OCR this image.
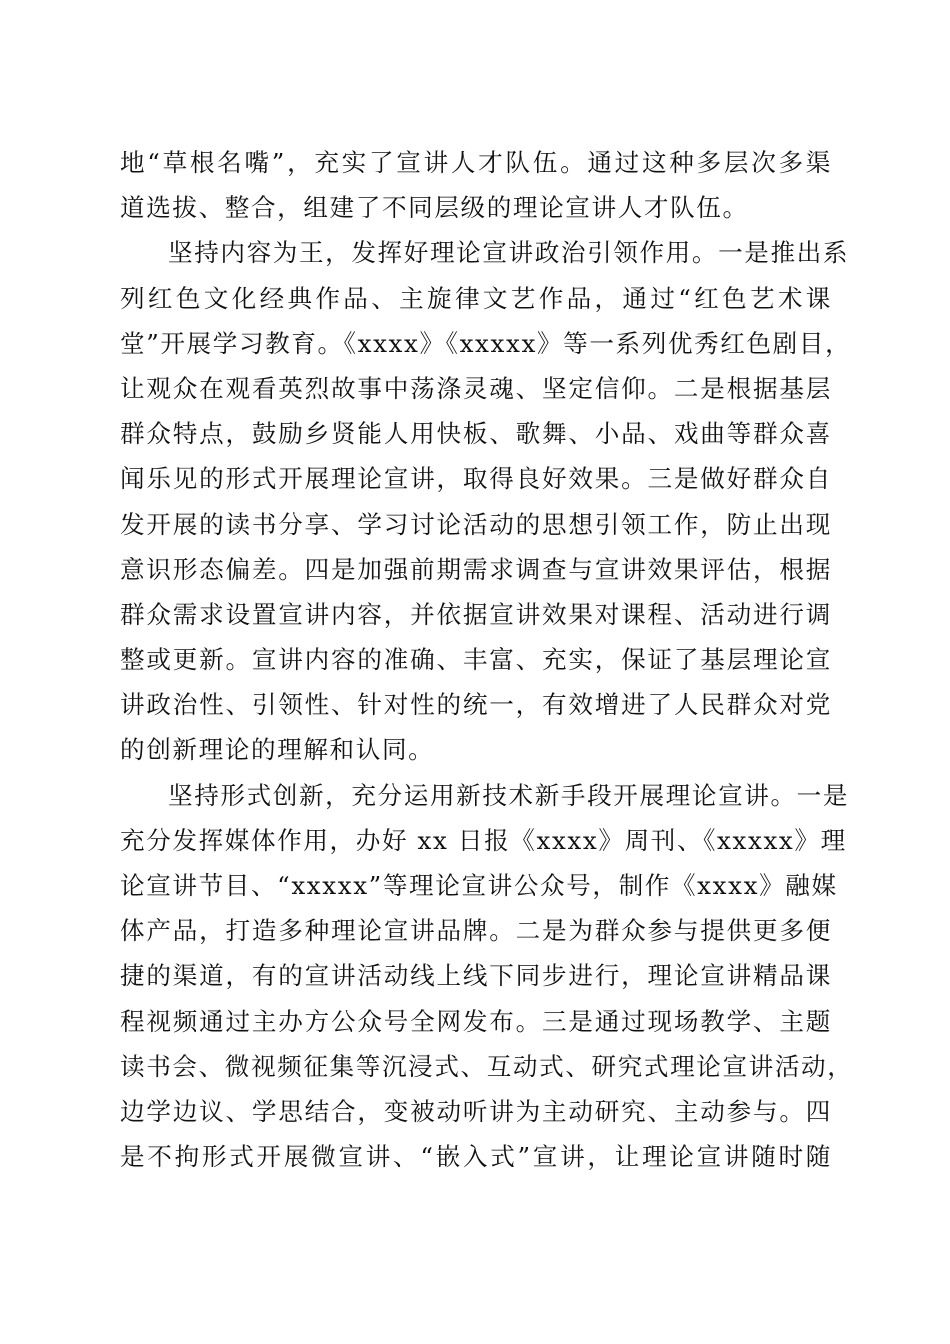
地“草根名嘴”，充实了宣讲人才队伍。通过这种多层次多渠
道选拔、整合，组建了不同层级的理论宣讲人才队伍。
坚持内容为王，发挥好理论宣讲政治引领作用。一是推出系
列红色文化经典作品、主旋律文艺作品，通过“红色艺术课
堂”开展学习教育。《xxxx》《xxxxx》等一系列优秀红色剧目，
让观众在观看英烈故事中荡涤灵魂、坚定信仰。二是根据基层
群众特点，鼓励乡贤能人用快板、歌舞、小品、戏曲等群众喜
闻乐见的形式开展理论宣讲，取得良好效果。三是做好群众自
发开展的读书分享、学习讨论活动的思想引领工作，防止出现
意识形态偏差。四是加强前期需求调查与宣讲效果评估，根据
群众需求设置宣讲内容，并依据宣讲效果对课程、活动进行调
整或更新。宣讲内容的准确、丰富、充实，保证了基层理论宣
讲政治性、引领性、针对性的统一，有效增进了人民群众对党
的创新理论的理解和认同。
坚持形式创新，充分运用新技术新手段开展理论宣讲。一是
充分发挥媒体作用，办好 xx 日报《xxxx》周刊、《xxxxx》理
论宣讲节目、“xxxxx”等理论宣讲公众号，制作《xxxx》融媒
体产品，打造多种理论宣讲品牌。二是为群众参与提供更多便
捷的渠道，有的宣讲活动线上线下同步进行，理论宣讲精品课
程视频通过主办方公众号全网发布。三是通过现场教学、主题
读书会、微视频征集等沉浸式、互动式、研究式理论宣讲活动，
边学边议、学思结合，变被动听讲为主动研究、主动参与。四
是不拘形式开展微宣讲、“嵌入式”宣讲，让理论宣讲随时随
